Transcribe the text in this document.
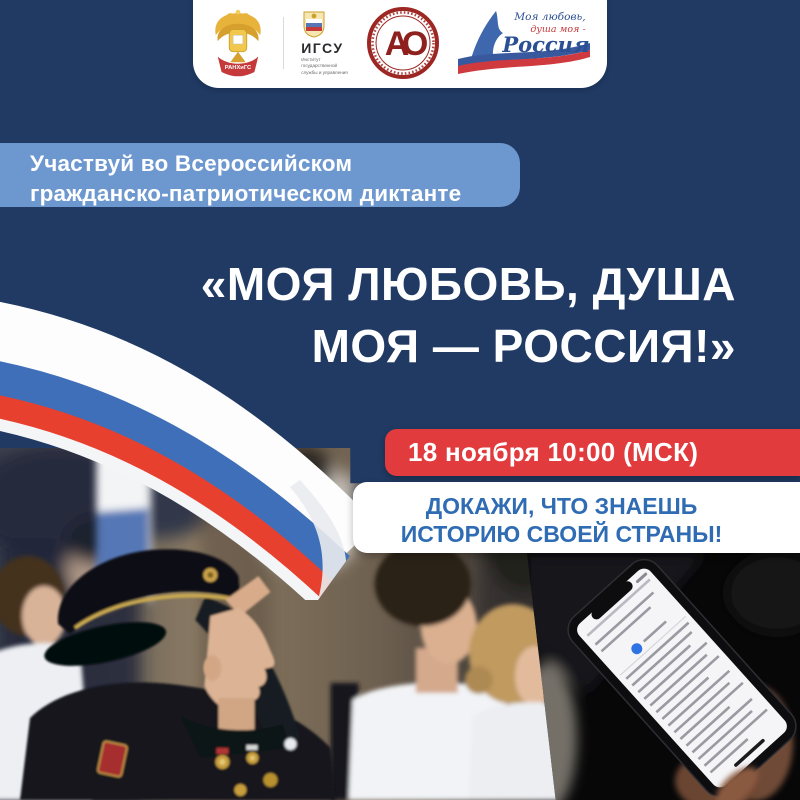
РАНХиГС
ИГСУ
Институт
государственной
службы и управления
АО
Моя любовь,
душа моя -
Россия
Участвуй во Всероссийском
гражданско-патриотическом диктанте
«МОЯ ЛЮБОВЬ, ДУША
МОЯ — РОССИЯ!»
18 ноября 10:00 (МСК)
ДОКАЖИ, ЧТО ЗНАЕШЬ
ИСТОРИЮ СВОЕЙ СТРАНЫ!
